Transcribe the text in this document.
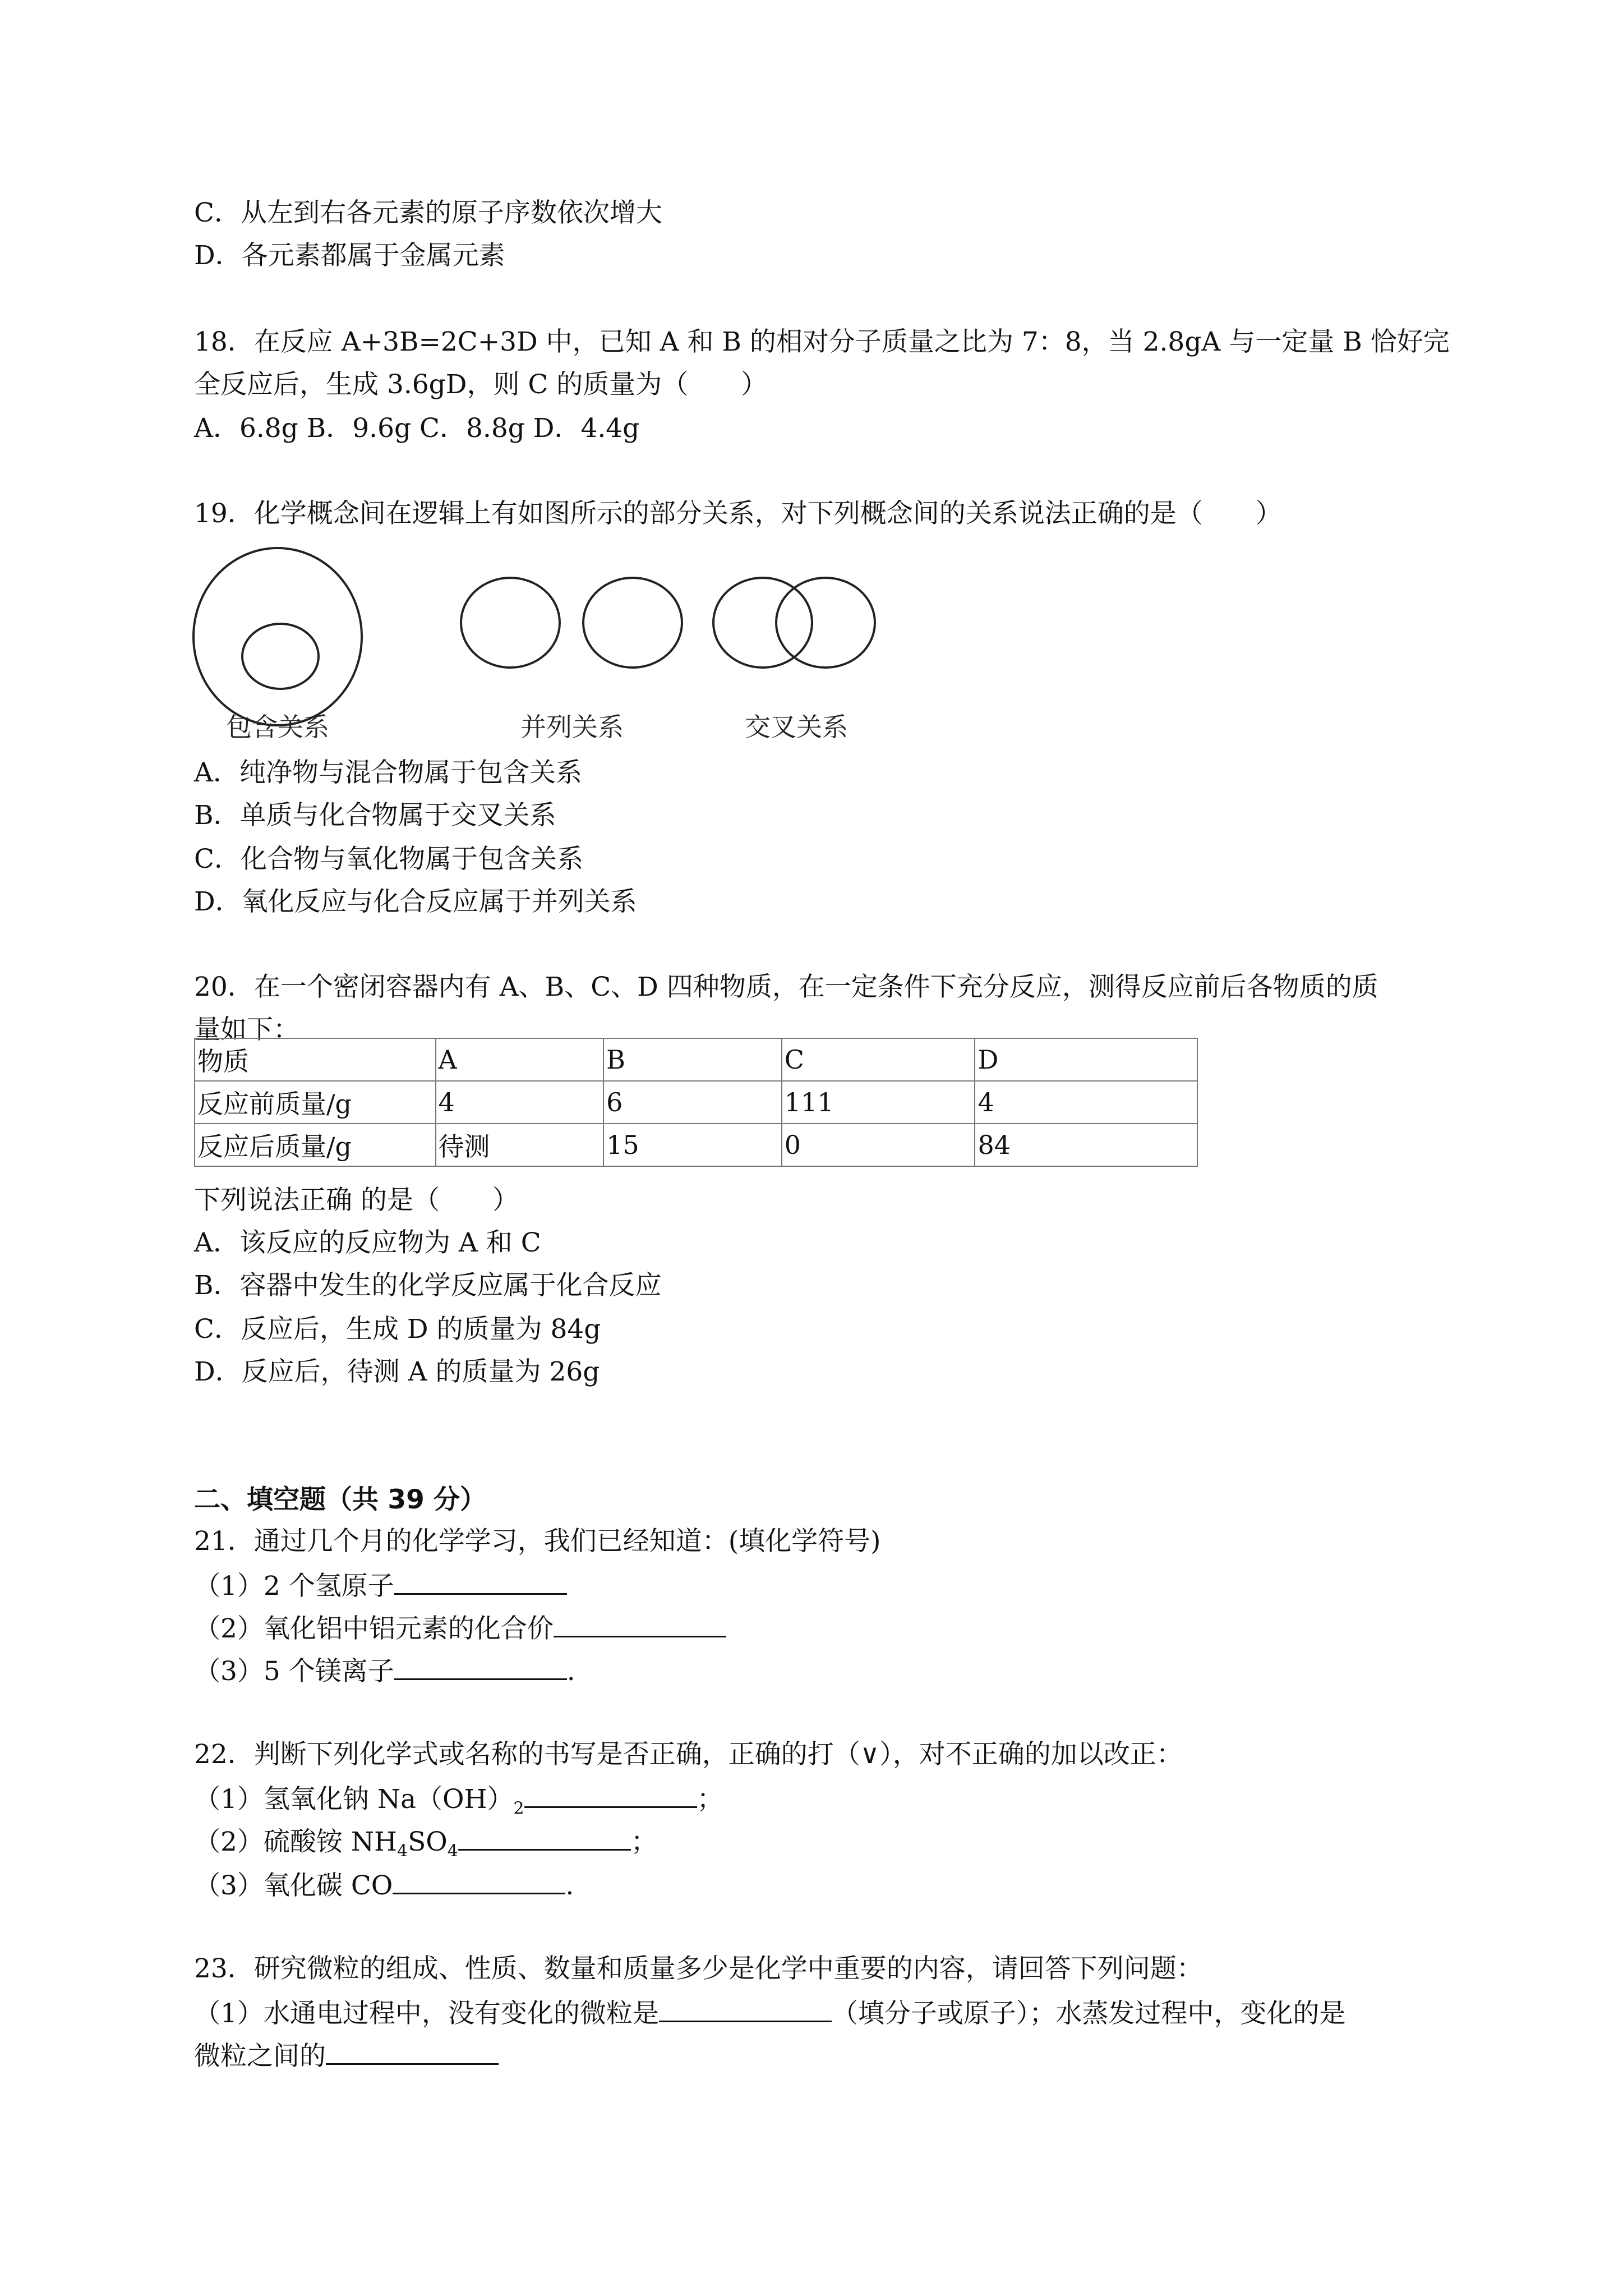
C．从左到右各元素的原子序数依次增大
D．各元素都属于金属元素
18．在反应 A+3B=2C+3D 中，已知 A 和 B 的相对分子质量之比为 7：8，当 2.8gA 与一定量 B 恰好完
全反应后，生成 3.6gD，则 C 的质量为（　　）
A．6.8g B．9.6g C．8.8g D．4.4g
19．化学概念间在逻辑上有如图所示的部分关系，对下列概念间的关系说法正确的是（　　）
包含关系	并列关系	交叉关系
A．纯净物与混合物属于包含关系
B．单质与化合物属于交叉关系
C．化合物与氧化物属于包含关系
D．氧化反应与化合反应属于并列关系
20．在一个密闭容器内有 A、B、C、D 四种物质，在一定条件下充分反应，测得反应前后各物质的质
量如下：
物质	A	B	C	D
反应前质量/g	4	6	111	4
反应后质量/g	待测	15	0	84
下列说法正确 的是（　　）
A．该反应的反应物为 A 和 C
B．容器中发生的化学反应属于化合反应
C．反应后，生成 D 的质量为 84g
D．反应后，待测 A 的质量为 26g
二、填空题（共 39 分）
21．通过几个月的化学学习，我们已经知道：(填化学符号)
（1）2 个氢原子
（2）氧化铝中铝元素的化合价
（3）5 个镁离子	.
22．判断下列化学式或名称的书写是否正确，正确的打（∨），对不正确的加以改正：
（1）氢氧化钠 $Na(OH)_2$	；
（2）硫酸铵 $NH_4SO_4$	；
（3）氧化碳 CO	.
23．研究微粒的组成、性质、数量和质量多少是化学中重要的内容，请回答下列问题：
（1）水通电过程中，没有变化的微粒是	（填分子或原子）；水蒸发过程中，变化的是
微粒之间的
